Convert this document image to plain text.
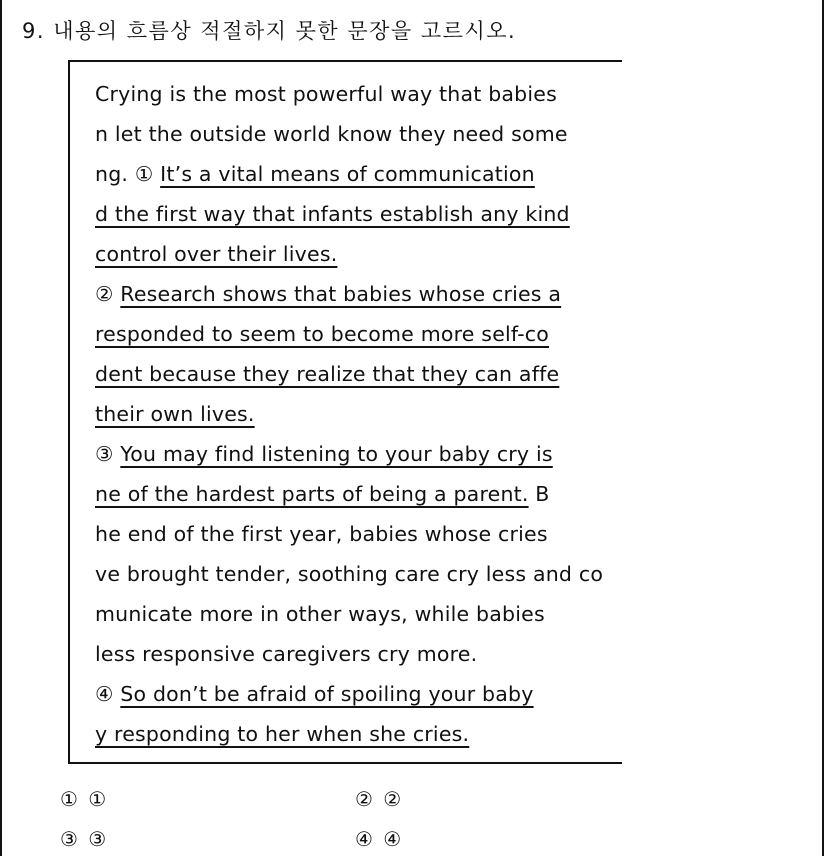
9. 내용의 흐름상 적절하지 못한 문장을 고르시오.
Crying is the most powerful way that babies
n let the outside world know they need some
ng. ① It’s a vital means of communication
d the first way that infants establish any kind
control over their lives.
② Research shows that babies whose cries a
responded to seem to become more self-co
dent because they realize that they can affe
their own lives.
③ You may find listening to your baby cry is
ne of the hardest parts of being a parent. B
he end of the first year, babies whose cries
ve brought tender, soothing care cry less and co
municate more in other ways, while babies
less responsive caregivers cry more.
④ So don’t be afraid of spoiling your baby
y responding to her when she cries.
① ①	② ②
③ ③	④ ④
